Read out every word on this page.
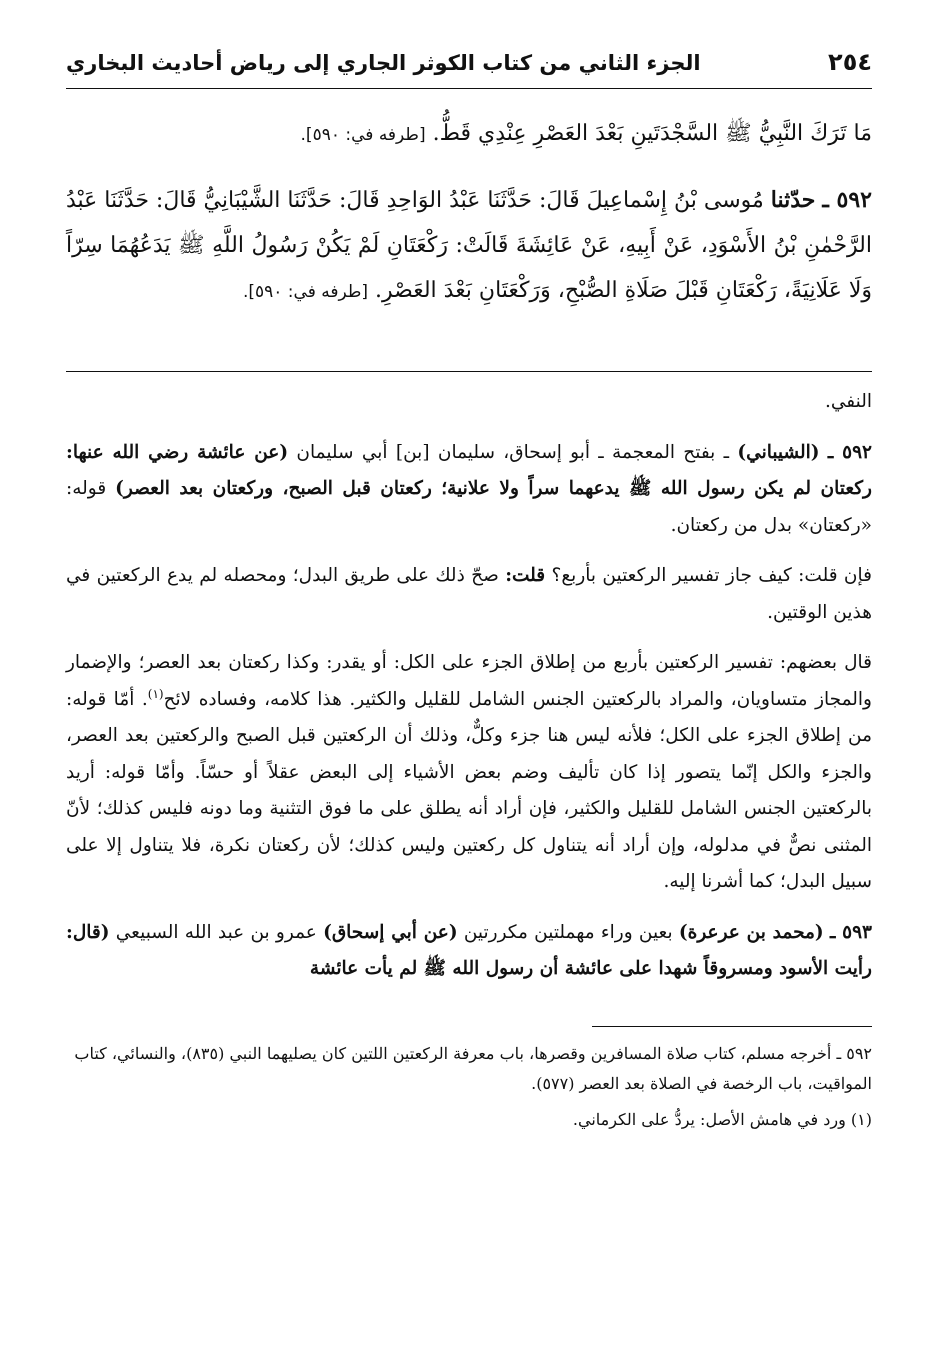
٢٥٤
الجزء الثاني من كتاب الكوثر الجاري إلى رياض أحاديث البخاري

مَا تَرَكَ النَّبِيُّ ﷺ السَّجْدَتَينِ بَعْدَ العَصْرِ عِنْدِي قَطُّ. [طرفه في: ٥٩٠].

٥٩٢ ـ حدّثنا مُوسى بْنُ إِسْماعِيلَ قَالَ: حَدَّثَنَا عَبْدُ الوَاحِدِ قَالَ: حَدَّثَنَا الشَّيْبَانِيُّ قَالَ: حَدَّثَنَا عَبْدُ الرَّحْمٰنِ بْنُ الأَسْوَدِ، عَنْ أَبِيهِ، عَنْ عَائِشَةَ قَالَتْ: رَكْعَتَانِ لَمْ يَكُنْ رَسُولُ اللَّهِ ﷺ يَدَعُهُمَا سِرّاً وَلَا عَلَانِيَةً، رَكْعَتَانِ قَبْلَ صَلَاةِ الصُّبْحِ، وَرَكْعَتَانِ بَعْدَ العَصْرِ. [طرفه في: ٥٩٠].

النفي.

٥٩٢ ـ (الشيباني) ـ بفتح المعجمة ـ أبو إسحاق، سليمان [بن] أبي سليمان (عن عائشة رضي الله عنها: ركعتان لم يكن رسول الله ﷺ يدعهما سراً ولا علانية؛ ركعتان قبل الصبح، وركعتان بعد العصر) قوله: «ركعتان» بدل من ركعتان.

فإن قلت: كيف جاز تفسير الركعتين بأربع؟ قلت: صحّ ذلك على طريق البدل؛ ومحصله لم يدع الركعتين في هذين الوقتين.

قال بعضهم: تفسير الركعتين بأربع من إطلاق الجزء على الكل: أو يقدر: وكذا ركعتان بعد العصر؛ والإضمار والمجاز متساويان، والمراد بالركعتين الجنس الشامل للقليل والكثير. هذا كلامه، وفساده لائح$^{(١)}$. أمّا قوله: من إطلاق الجزء على الكل؛ فلأنه ليس هنا جزء وكلٌّ، وذلك أن الركعتين قبل الصبح والركعتين بعد العصر، والجزء والكل إنّما يتصور إذا كان تأليف وضم بعض الأشياء إلى البعض عقلاً أو حسّاً. وأمّا قوله: أريد بالركعتين الجنس الشامل للقليل والكثير، فإن أراد أنه يطلق على ما فوق التثنية وما دونه فليس كذلك؛ لأنّ المثنى نصٌّ في مدلوله، وإن أراد أنه يتناول كل ركعتين وليس كذلك؛ لأن ركعتان نكرة، فلا يتناول إلا على سبيل البدل؛ كما أشرنا إليه.

٥٩٣ ـ (محمد بن عرعرة) بعين وراء مهملتين مكررتين (عن أبي إسحاق) عمرو بن عبد الله السبيعي (قال: رأيت الأسود ومسروقاً شهدا على عائشة أن رسول الله ﷺ لم يأت عائشة

٥٩٢ ـ أخرجه مسلم، كتاب صلاة المسافرين وقصرها، باب معرفة الركعتين اللتين كان يصليهما النبي (٨٣٥)، والنسائي، كتاب المواقيت، باب الرخصة في الصلاة بعد العصر (٥٧٧).

(١) ورد في هامش الأصل: يردُّ على الكرماني.
